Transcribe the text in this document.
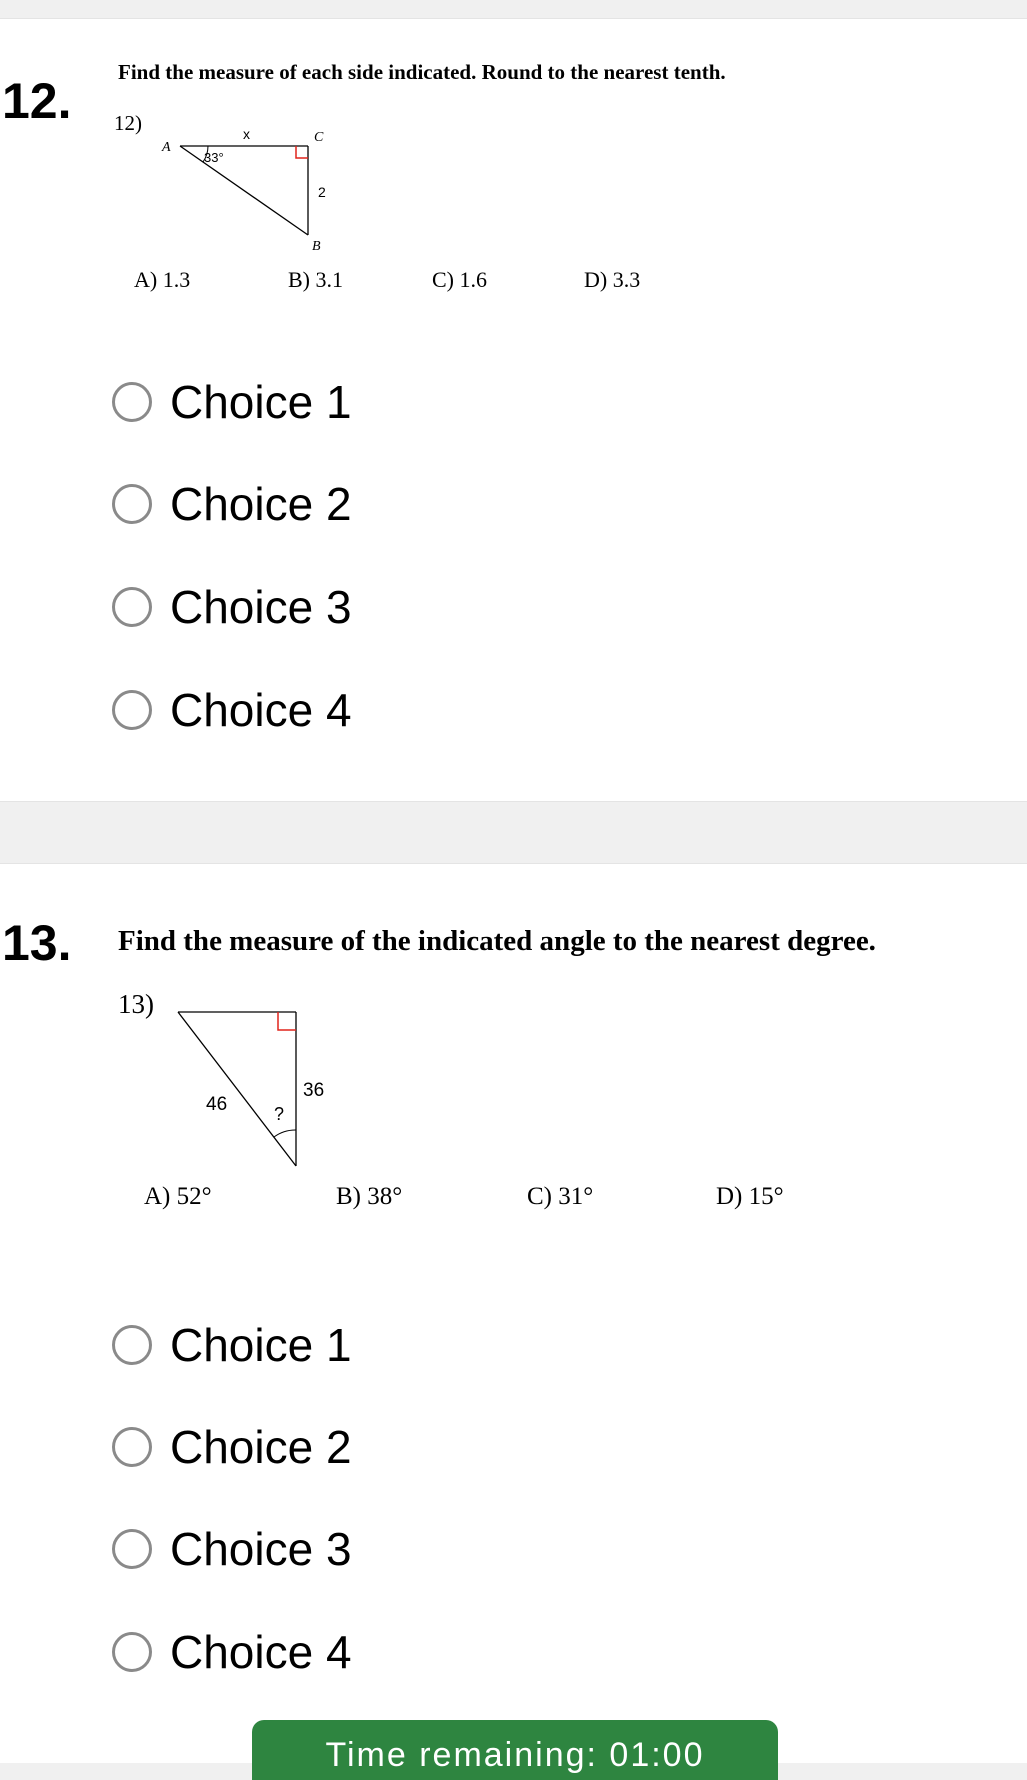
12.
Find the measure of each side indicated. Round to the nearest tenth.
12)
A
C
B
33°
x
2
A) 1.3	B) 3.1	C) 1.6	D) 3.3
Choice 1
Choice 2
Choice 3
Choice 4
13. Find the measure of the indicated angle to the nearest degree.
13)
46
36
?
A) 52°	B) 38°	C) 31°	D) 15°
Choice 1
Choice 2
Choice 3
Choice 4
Time remaining: 01:00
